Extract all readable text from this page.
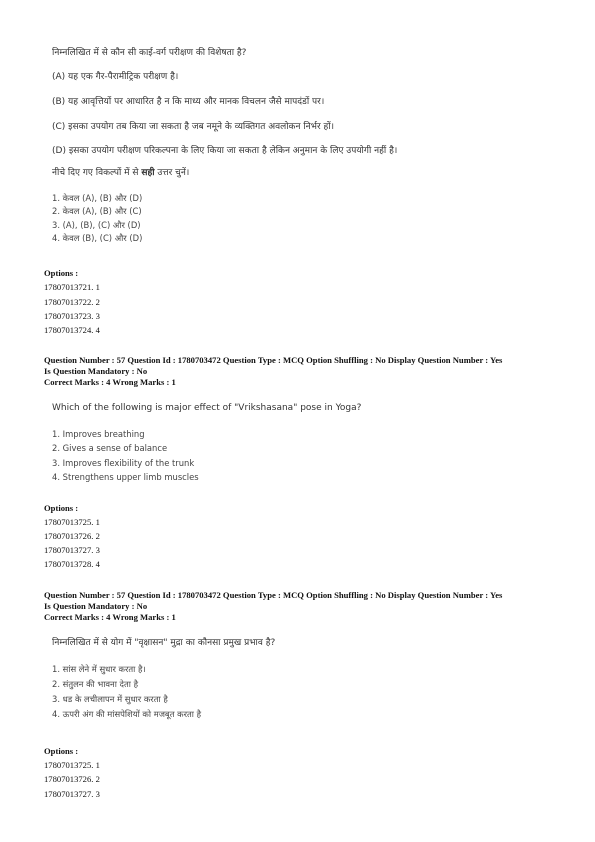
निम्नलिखित में से कौन सी काई-वर्ग परीक्षण की विशेषता है?

(A) यह एक गैर-पैरामीट्रिक परीक्षण है।

(B) यह आवृत्तियों पर आधारित है न कि माध्य और मानक विचलन जैसे मापदंडों पर।

(C) इसका उपयोग तब किया जा सकता है जब नमूने के व्यक्तिगत अवलोकन निर्भर हों।

(D) इसका उपयोग परीक्षण परिकल्पना के लिए किया जा सकता है लेकिन अनुमान के लिए उपयोगी नहीं है।

नीचे दिए गए विकल्पों में से सही उत्तर चुनें।

1. केवल (A), (B) और (D)

2. केवल (A), (B) और (C)

3. (A), (B), (C) और (D)

4. केवल (B), (C) और (D)

Options :
17807013721. 1
17807013722. 2
17807013723. 3
17807013724. 4
Question Number : 57 Question Id : 1780703472 Question Type : MCQ Option Shuffling : No Display Question Number : Yes
Is Question Mandatory : No
Correct Marks : 4 Wrong Marks : 1

Which of the following is major effect of "Vrikshasana" pose in Yoga?

1. Improves breathing

2. Gives a sense of balance

3. Improves flexibility of the trunk

4. Strengthens upper limb muscles

Options :
17807013725. 1
17807013726. 2
17807013727. 3
17807013728. 4
Question Number : 57 Question Id : 1780703472 Question Type : MCQ Option Shuffling : No Display Question Number : Yes
Is Question Mandatory : No
Correct Marks : 4 Wrong Marks : 1

निम्नलिखित में से योग में "वृक्षासन" मुद्रा का कौनसा प्रमुख प्रभाव है?

1. सांस लेने में सुधार करता है।

2. संतुलन की भावना देता है

3. धड के लचीलापन में सुधार करता है

4. ऊपरी अंग की मांसपेशियों को मजबूत करता है

Options :
17807013725. 1
17807013726. 2
17807013727. 3
